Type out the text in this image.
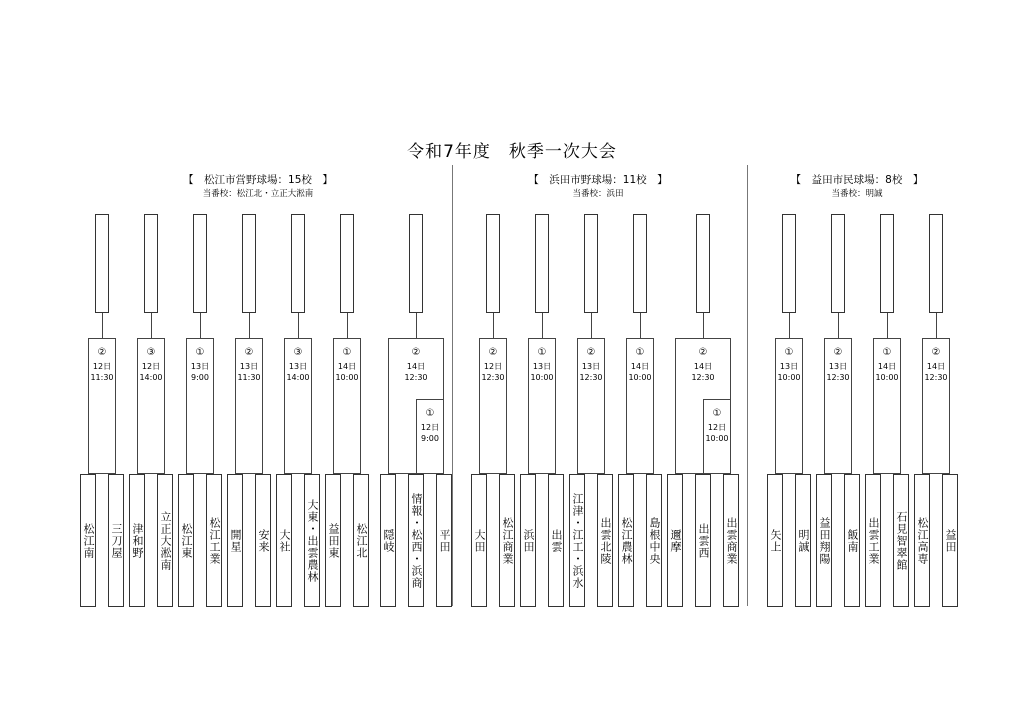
令和7年度　秋季一次大会
【　松江市営野球場：15校　】
当番校：松江北・立正大淞南
【　浜田市野球場：11校　】
当番校：浜田
【　益田市民球場：8校　】
当番校：明誠
②
12日
11:30
③
12日
14:00
①
13日
9:00
②
13日
11:30
③
13日
14:00
①
14日
10:00
②
14日
12:30
①
12日
9:00
②
12日
12:30
①
13日
10:00
②
13日
12:30
①
14日
10:00
②
14日
12:30
①
12日
10:00
①
13日
10:00
②
13日
12:30
①
14日
10:00
②
14日
12:30
松江南 三刀屋 津和野 立正大淞南 松江東 松江工業 開星 安来 大社 大東・出雲農林 益田東 松江北 隠岐 情報・松西・浜商 平田 大田 松江商業 浜田 出雲 江津・江工・浜水 出雲北陵 松江農林 島根中央 邇摩 出雲西 出雲商業	矢上 明誠 益田翔陽 飯南 出雲工業 石見智翠館 松江高専 益田
